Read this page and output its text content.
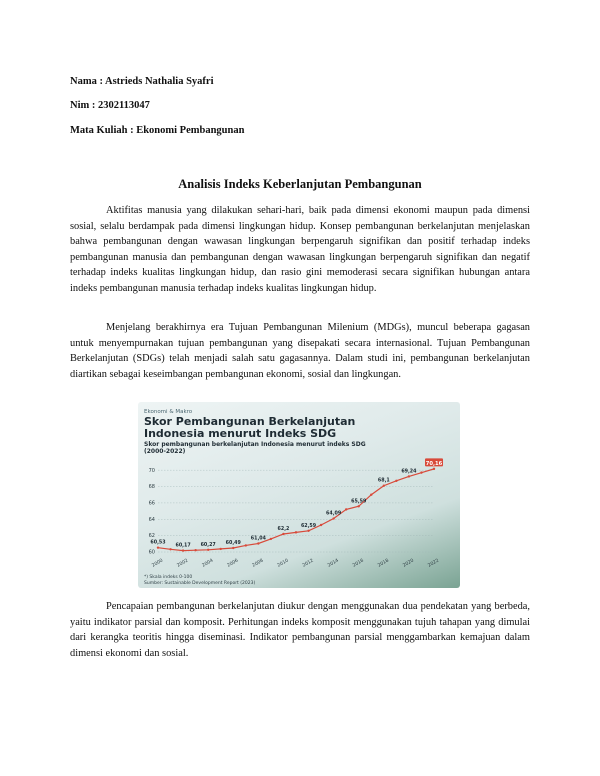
Nama : Astrieds Nathalia Syafri
Nim : 2302113047
Mata Kuliah : Ekonomi Pembangunan
Analisis Indeks Keberlanjutan Pembangunan

Aktifitas manusia yang dilakukan sehari-hari, baik pada dimensi ekonomi maupun pada dimensi sosial, selalu berdampak pada dimensi lingkungan hidup. Konsep pembangunan berkelanjutan menjelaskan bahwa pembangunan dengan wawasan lingkungan berpengaruh signifikan dan positif terhadap indeks pembangunan manusia dan pembangunan dengan wawasan lingkungan berpengaruh signifikan dan negatif terhadap indeks kualitas lingkungan hidup, dan rasio gini memoderasi secara signifikan hubungan antara indeks pembangunan manusia terhadap indeks kualitas lingkungan hidup.

Menjelang berakhirnya era Tujuan Pembangunan Milenium (MDGs), muncul beberapa gagasan untuk menyempurnakan tujuan pembangunan yang disepakati secara internasional. Tujuan Pembangunan Berkelanjutan (SDGs) telah menjadi salah satu gagasannya. Dalam studi ini, pembangunan berkelanjutan diartikan sebagai keseimbangan pembangunan ekonomi, sosial dan lingkungan.

Ekonomi & Makro
Skor Pembangunan Berkelanjutan
Indonesia menurut Indeks SDG
Skor pembangunan berkelanjutan Indonesia menurut indeks SDG
(2000-2022)
60
62
64
66
68
70
2000	2002	2004	2006	2008	2010	2012	2014	2016	2018	2020	2022
60,53
60,17 60,27 60,49
61,04
62,2
62,59
64,09
65,59
68,1
69,24
70,16
*) Skala indeks 0-100
Sumber: Sustainable Development Report (2023)

Pencapaian pembangunan berkelanjutan diukur dengan menggunakan dua pendekatan yang berbeda, yaitu indikator parsial dan komposit. Perhitungan indeks komposit menggunakan tujuh tahapan yang dimulai dari kerangka teoritis hingga diseminasi. Indikator pembangunan parsial menggambarkan kemajuan dalam dimensi ekonomi dan sosial.
